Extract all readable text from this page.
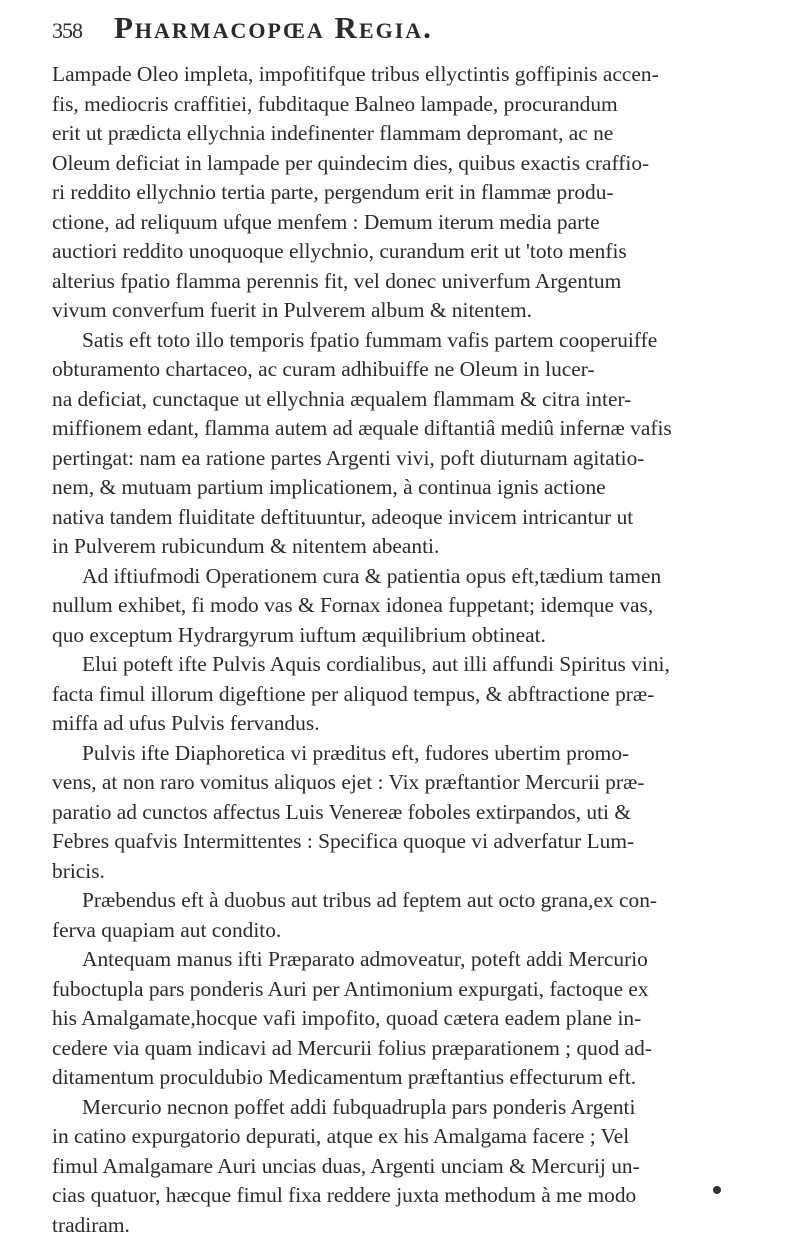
358	Pharmacopœa Regia.
Lampade Oleo impleta, impofitifque tribus ellyctintis goffipinis accen-
fis, mediocris craffitiei, fubditaque Balneo lampade, procurandum
erit ut prædicta ellychnia indefinenter flammam depromant, ac ne
Oleum deficiat in lampade per quindecim dies, quibus exactis craffio-
ri reddito ellychnio tertia parte, pergendum erit in flammæ produ-
ctione, ad reliquum ufque menfem : Demum iterum media parte
auctiori reddito unoquoque ellychnio, curandum erit ut 'toto menfis
alterius fpatio flamma perennis fit, vel donec univerfum Argentum
vivum converfum fuerit in Pulverem album & nitentem.
Satis eft toto illo temporis fpatio fummam vafis partem cooperuiffe
obturamento chartaceo, ac curam adhibuiffe ne Oleum in lucer-
na deficiat, cunctaque ut ellychnia æqualem flammam & citra inter-
miffionem edant, flamma autem ad æquale diftantiâ mediû infernæ vafis
pertingat: nam ea ratione partes Argenti vivi, poft diuturnam agitatio-
nem, & mutuam partium implicationem, à continua ignis actione
nativa tandem fluiditate deftituuntur, adeoque invicem intricantur ut
in Pulverem rubicundum & nitentem abeanti.
Ad iftiufmodi Operationem cura & patientia opus eft,tædium tamen
nullum exhibet, fi modo vas & Fornax idonea fuppetant; idemque vas,
quo exceptum Hydrargyrum iuftum æquilibrium obtineat.
Elui poteft ifte Pulvis Aquis cordialibus, aut illi affundi Spiritus vini,
facta fimul illorum digeftione per aliquod tempus, & abftractione præ-
miffa ad ufus Pulvis fervandus.
Pulvis ifte Diaphoretica vi præditus eft, fudores ubertim promo-
vens, at non raro vomitus aliquos ejet : Vix præftantior Mercurii præ-
paratio ad cunctos affectus Luis Venereæ foboles extirpandos, uti &
Febres quafvis Intermittentes : Specifica quoque vi adverfatur Lum-
bricis.
Præbendus eft à duobus aut tribus ad feptem aut octo grana,ex con-
ferva quapiam aut condito.
Antequam manus ifti Præparato admoveatur, poteft addi Mercurio
fuboctupla pars ponderis Auri per Antimonium expurgati, factoque ex
his Amalgamate,hocque vafi impofito, quoad cætera eadem plane in-
cedere via quam indicavi ad Mercurii folius præparationem ; quod ad-
ditamentum proculdubio Medicamentum præftantius effecturum eft.
Mercurio necnon poffet addi fubquadrupla pars ponderis Argenti
in catino expurgatorio depurati, atque ex his Amalgama facere ; Vel
fimul Amalgamare Auri uncias duas, Argenti unciam & Mercurij un-
cias quatuor, hæcque fimul fixa reddere juxta methodum à me modo
tradiram.
